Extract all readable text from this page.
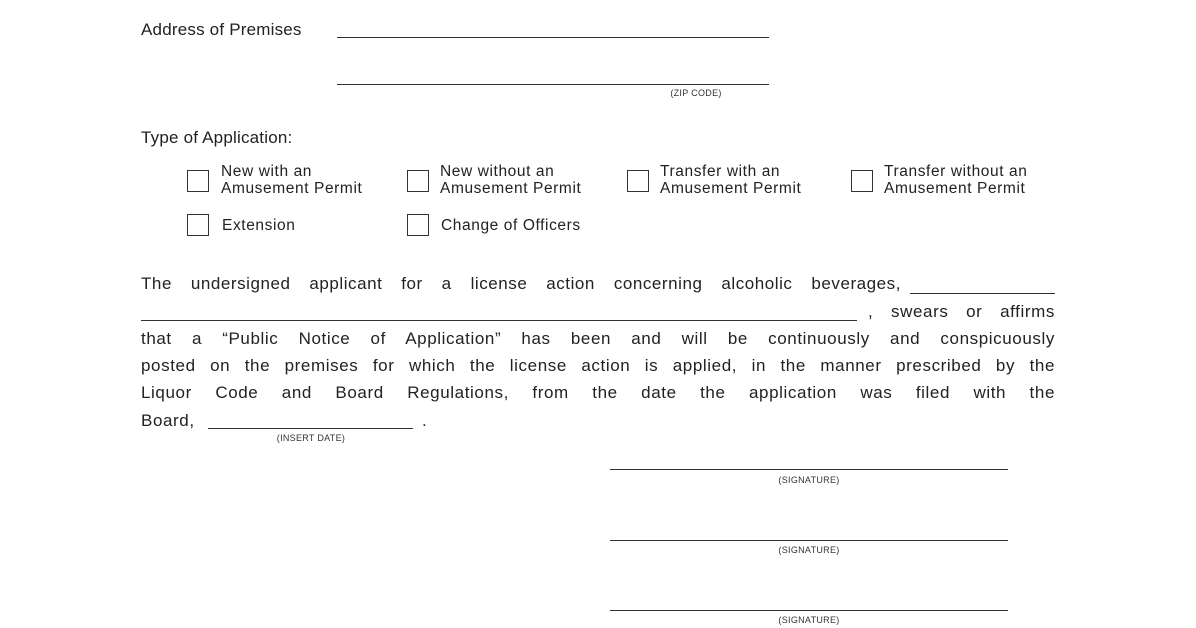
Address of Premises
(ZIP CODE)
Type of Application:
New with an
Amusement Permit
New without an
Amusement Permit
Transfer with an
Amusement Permit
Transfer without an
Amusement Permit
Extension	Change of Officers
The undersigned applicant for a license action concerning alcoholic beverages,
, swears or affirms
that a “Public Notice of Application” has been and will be continuously and conspicuously
posted on the premises for which the license action is applied, in the manner prescribed by the
Liquor Code and Board Regulations, from the date the application was filed with the
Board,	.
(INSERT DATE)
(SIGNATURE)
(SIGNATURE)
(SIGNATURE)
